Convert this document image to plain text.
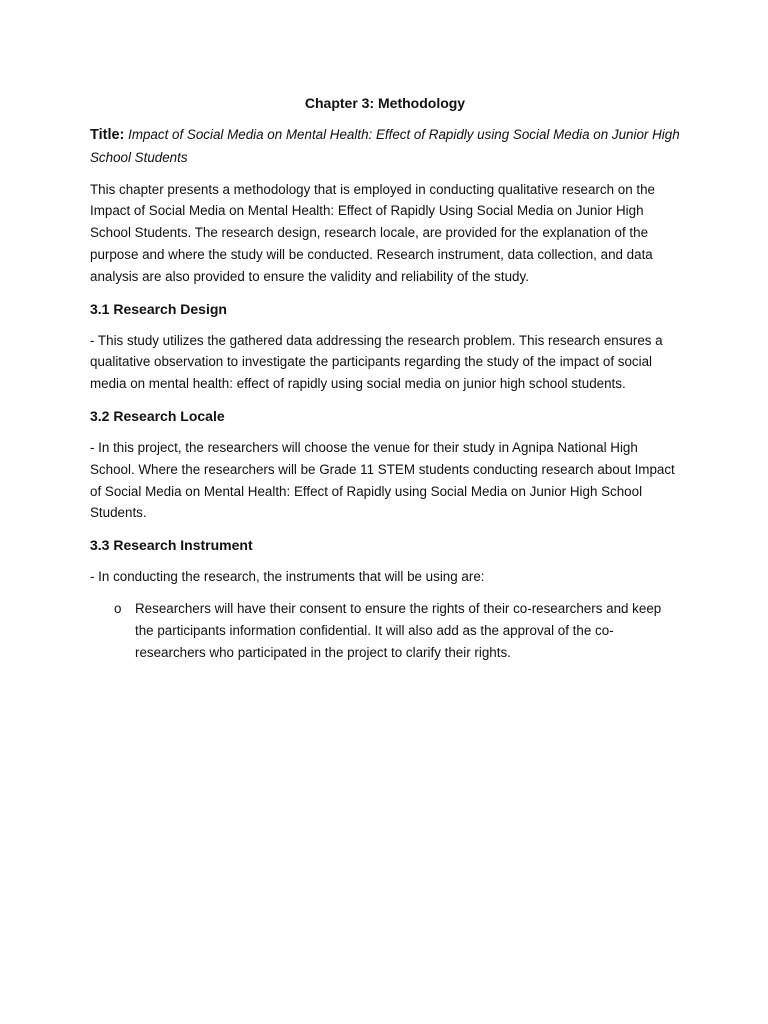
Chapter 3: Methodology
Title: Impact of Social Media on Mental Health: Effect of Rapidly using Social Media on Junior High School Students

This chapter presents a methodology that is employed in conducting qualitative research on the Impact of Social Media on Mental Health: Effect of Rapidly Using Social Media on Junior High School Students. The research design, research locale, are provided for the explanation of the purpose and where the study will be conducted. Research instrument, data collection, and data analysis are also provided to ensure the validity and reliability of the study.

3.1 Research Design

- This study utilizes the gathered data addressing the research problem. This research ensures a qualitative observation to investigate the participants regarding the study of the impact of social media on mental health: effect of rapidly using social media on junior high school students.

3.2 Research Locale

- In this project, the researchers will choose the venue for their study in Agnipa National High School. Where the researchers will be Grade 11 STEM students conducting research about Impact of Social Media on Mental Health: Effect of Rapidly using Social Media on Junior High School Students.

3.3 Research Instrument

- In conducting the research, the instruments that will be using are:

o Researchers will have their consent to ensure the rights of their co-researchers and keep the participants information confidential. It will also add as the approval of the co-researchers who participated in the project to clarify their rights.
